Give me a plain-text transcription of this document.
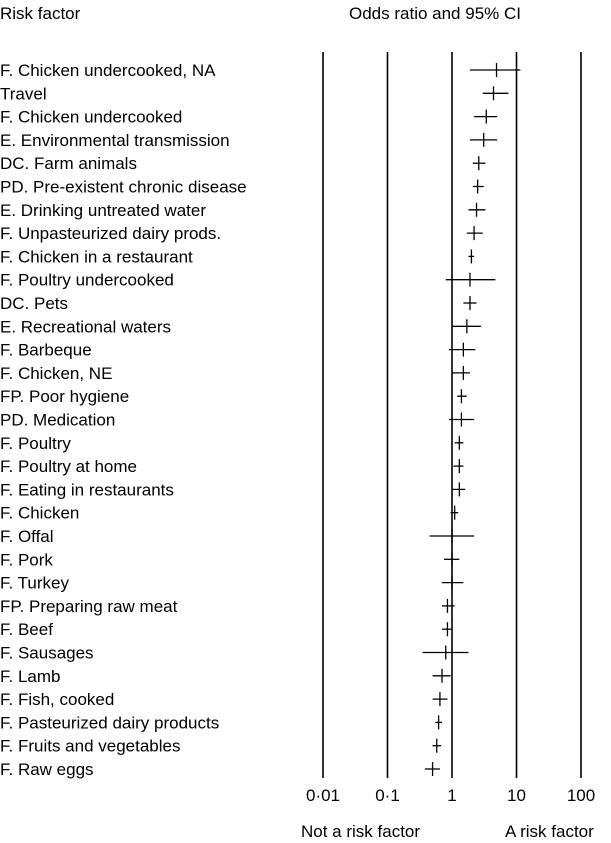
Risk factor	Odds ratio and 95% CI
F. Chicken undercooked, NA
Travel
F. Chicken undercooked
E. Environmental transmission
DC. Farm animals
PD. Pre-existent chronic disease
E. Drinking untreated water
F. Unpasteurized dairy prods.
F. Chicken in a restaurant
F. Poultry undercooked
DC. Pets
E. Recreational waters
F. Barbeque
F. Chicken, NE
FP. Poor hygiene
PD. Medication
F. Poultry
F. Poultry at home
F. Eating in restaurants
F. Chicken
F. Offal
F. Pork
F. Turkey
FP. Preparing raw meat
F. Beef
F. Sausages
F. Lamb
F. Fish, cooked
F. Pasteurized dairy products
F. Fruits and vegetables
F. Raw eggs
0·01 0·1	1	10 100
Not a risk factor	A risk factor
